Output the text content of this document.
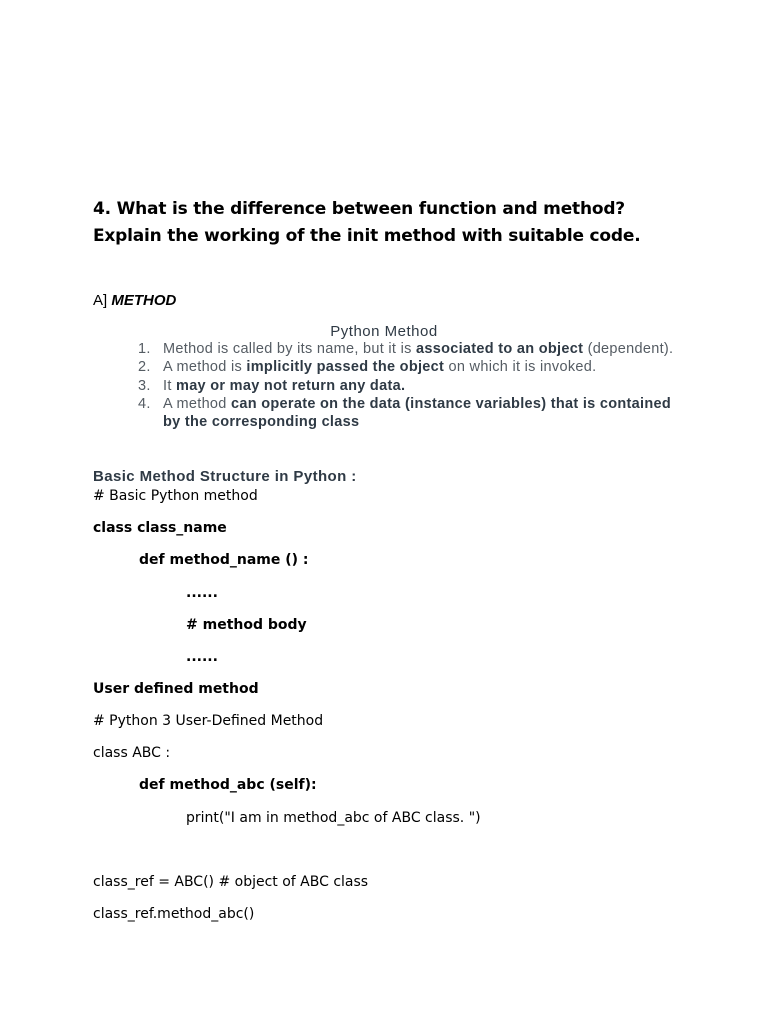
4. What is the difference between function and method? Explain the working of the init method with suitable code.
A] METHOD
Python Method
1. Method is called by its name, but it is associated to an object (dependent).
2. A method is implicitly passed the object on which it is invoked.
3. It may or may not return any data.
4. A method can operate on the data (instance variables) that is contained by the corresponding class
Basic Method Structure in Python :
# Basic Python method
class class_name
def method_name () :
......
# method body
......
User defined method
# Python 3 User-Defined Method
class ABC :
def method_abc (self):
print("I am in method_abc of ABC class. ")
class_ref = ABC() # object of ABC class
class_ref.method_abc()
